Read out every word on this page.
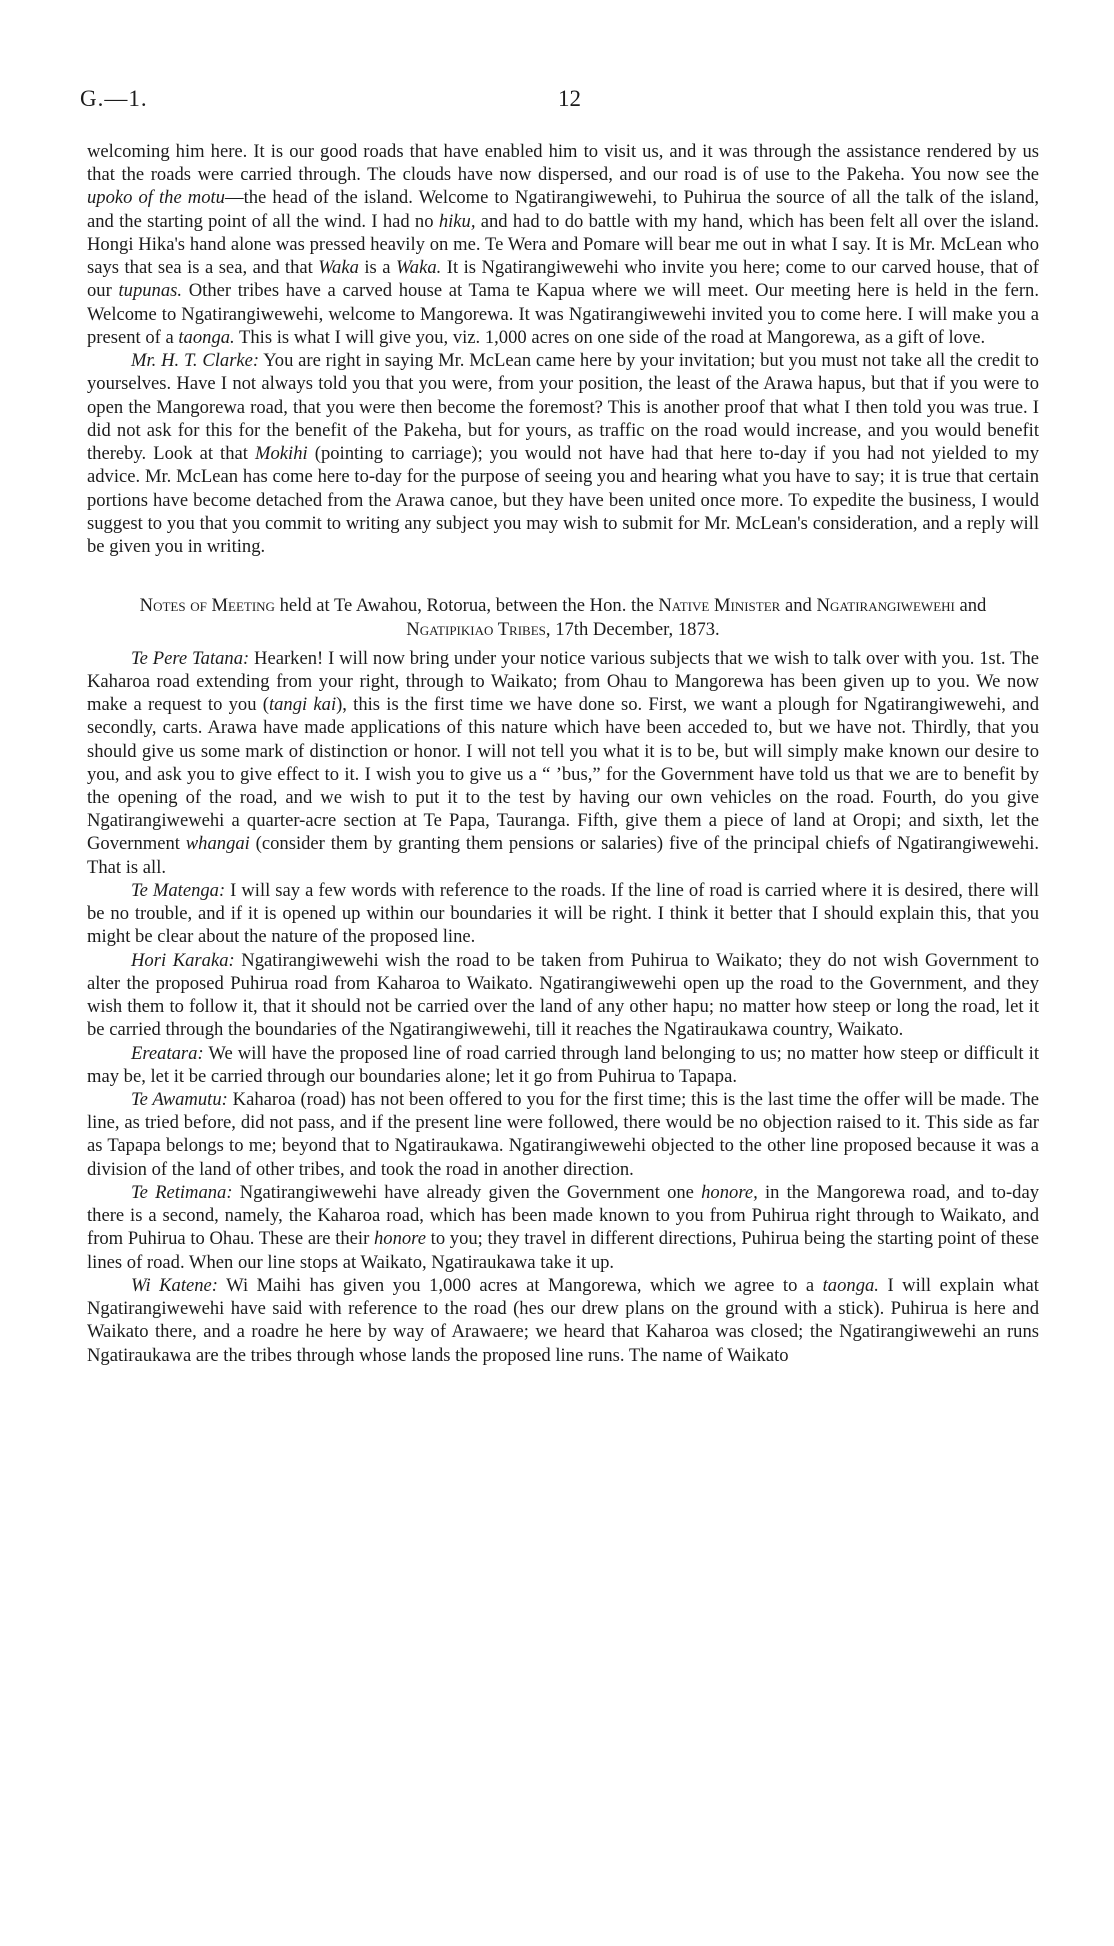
G.—1.	12

welcoming him here. It is our good roads that have enabled him to visit us, and it was through the assistance rendered by us that the roads were carried through. The clouds have now dispersed, and our road is of use to the Pakeha. You now see the upoko of the motu—the head of the island. Welcome to Ngatirangiwewehi, to Puhirua the source of all the talk of the island, and the starting point of all the wind. I had no hiku, and had to do battle with my hand, which has been felt all over the island. Hongi Hika's hand alone was pressed heavily on me. Te Wera and Pomare will bear me out in what I say. It is Mr. McLean who says that sea is a sea, and that Waka is a Waka. It is Ngatirangiwewehi who invite you here; come to our carved house, that of our tupunas. Other tribes have a carved house at Tama te Kapua where we will meet. Our meeting here is held in the fern. Welcome to Ngatirangiwewehi, welcome to Mangorewa. It was Ngatirangiwewehi invited you to come here. I will make you a present of a taonga. This is what I will give you, viz. 1,000 acres on one side of the road at Mangorewa, as a gift of love.

Mr. H. T. Clarke: You are right in saying Mr. McLean came here by your invitation; but you must not take all the credit to yourselves. Have I not always told you that you were, from your position, the least of the Arawa hapus, but that if you were to open the Mangorewa road, that you were then become the foremost? This is another proof that what I then told you was true. I did not ask for this for the benefit of the Pakeha, but for yours, as traffic on the road would increase, and you would benefit thereby. Look at that Mokihi (pointing to carriage); you would not have had that here to-day if you had not yielded to my advice. Mr. McLean has come here to-day for the purpose of seeing you and hearing what you have to say; it is true that certain portions have become detached from the Arawa canoe, but they have been united once more. To expedite the business, I would suggest to you that you commit to writing any subject you may wish to submit for Mr. McLean's consideration, and a reply will be given you in writing.

Notes of Meeting held at Te Awahou, Rotorua, between the Hon. the Native Minister and Ngatirangiwewehi and Ngatipikiao Tribes, 17th December, 1873.

Te Pere Tatana: Hearken! I will now bring under your notice various subjects that we wish to talk over with you. 1st. The Kaharoa road extending from your right, through to Waikato; from Ohau to Mangorewa has been given up to you. We now make a request to you (tangi kai), this is the first time we have done so. First, we want a plough for Ngatirangiwewehi, and secondly, carts. Arawa have made applications of this nature which have been acceded to, but we have not. Thirdly, that you should give us some mark of distinction or honor. I will not tell you what it is to be, but will simply make known our desire to you, and ask you to give effect to it. I wish you to give us a “ ’bus,” for the Government have told us that we are to benefit by the opening of the road, and we wish to put it to the test by having our own vehicles on the road. Fourth, do you give Ngatirangiwewehi a quarter-acre section at Te Papa, Tauranga. Fifth, give them a piece of land at Oropi; and sixth, let the Government whangai (consider them by granting them pensions or salaries) five of the principal chiefs of Ngatirangiwewehi. That is all.

Te Matenga: I will say a few words with reference to the roads. If the line of road is carried where it is desired, there will be no trouble, and if it is opened up within our boundaries it will be right. I think it better that I should explain this, that you might be clear about the nature of the proposed line.

Hori Karaka: Ngatirangiwewehi wish the road to be taken from Puhirua to Waikato; they do not wish Government to alter the proposed Puhirua road from Kaharoa to Waikato. Ngatirangiwewehi open up the road to the Government, and they wish them to follow it, that it should not be carried over the land of any other hapu; no matter how steep or long the road, let it be carried through the boundaries of the Ngatirangiwewehi, till it reaches the Ngatiraukawa country, Waikato.

Ereatara: We will have the proposed line of road carried through land belonging to us; no matter how steep or difficult it may be, let it be carried through our boundaries alone; let it go from Puhirua to Tapapa.

Te Awamutu: Kaharoa (road) has not been offered to you for the first time; this is the last time the offer will be made. The line, as tried before, did not pass, and if the present line were followed, there would be no objection raised to it. This side as far as Tapapa belongs to me; beyond that to Ngatiraukawa. Ngatirangiwewehi objected to the other line proposed because it was a division of the land of other tribes, and took the road in another direction.

Te Retimana: Ngatirangiwewehi have already given the Government one honore, in the Mangorewa road, and to-day there is a second, namely, the Kaharoa road, which has been made known to you from Puhirua right through to Waikato, and from Puhirua to Ohau. These are their honore to you; they travel in different directions, Puhirua being the starting point of these lines of road. When our line stops at Waikato, Ngatiraukawa take it up.

Wi Katene: Wi Maihi has given you 1,000 acres at Mangorewa, which we agree to a taonga. I will explain what Ngatirangiwewehi have said with reference to the road (hes our drew plans on the ground with a stick). Puhirua is here and Waikato there, and a roadre he here by way of Arawaere; we heard that Kaharoa was closed; the Ngatirangiwewehi an runs Ngatiraukawa are the tribes through whose lands the proposed line runs. The name of Waikato
